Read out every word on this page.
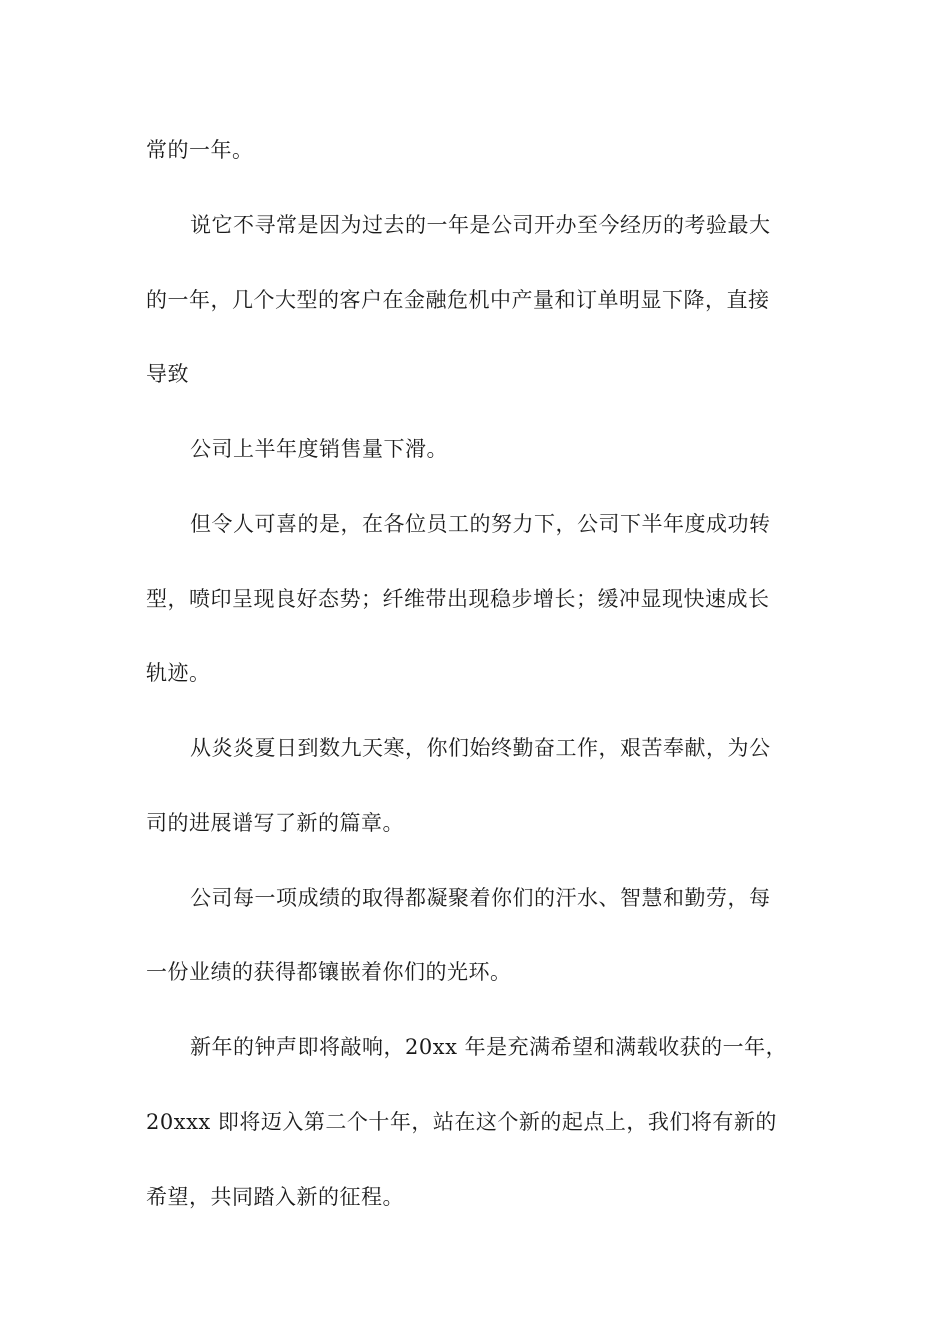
常的一年。
说它不寻常是因为过去的一年是公司开办至今经历的考验最大
的一年，几个大型的客户在金融危机中产量和订单明显下降，直接
导致
公司上半年度销售量下滑。
但令人可喜的是，在各位员工的努力下，公司下半年度成功转
型，喷印呈现良好态势；纤维带出现稳步增长；缓冲显现快速成长
轨迹。
从炎炎夏日到数九天寒，你们始终勤奋工作，艰苦奉献，为公
司的进展谱写了新的篇章。
公司每一项成绩的取得都凝聚着你们的汗水、智慧和勤劳，每
一份业绩的获得都镶嵌着你们的光环。
新年的钟声即将敲响，20xx 年是充满希望和满载收获的一年，
20xxx 即将迈入第二个十年，站在这个新的起点上，我们将有新的
希望，共同踏入新的征程。
